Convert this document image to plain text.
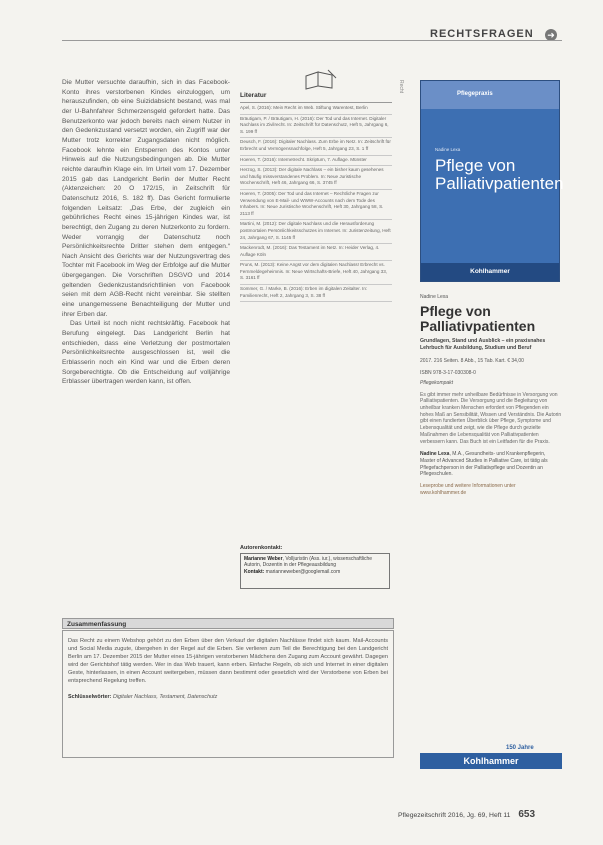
RECHTSFRAGEN ➜

Die Mutter versuchte daraufhin, sich in das Facebook-Konto ihres verstorbenen Kindes einzuloggen, um herauszufinden, ob eine Suizidabsicht bestand, was mal der U-Bahnfahrer Schmerzensgeld gefordert hatte. Das Benutzerkonto war jedoch bereits nach einem Nutzer in den Gedenkzustand versetzt worden, ein Zugriff war der Mutter trotz korrekter Zugangsdaten nicht möglich. Facebook lehnte ein Entsperren des Kontos unter Hinweis auf die Nutzungsbedingungen ab. Die Mutter reichte daraufhin Klage ein. Im Urteil vom 17. Dezember 2015 gab das Landgericht Berlin der Mutter Recht (Aktenzeichen: 20 O 172/15, in Zeitschrift für Datenschutz 2016, S. 182 ff). Das Gericht formulierte folgenden Leitsatz: „Das Erbe, der zugleich ein gebührliches Recht eines 15-jährigen Kindes war, ist berechtigt, den Zugang zu deren Nutzerkonto zu fordern. Weder vorrangig der Datenschutz noch Persönlichkeitsrechte Dritter stehen dem entgegen.“ Nach Ansicht des Gerichts war der Nutzungsvertrag des Tochter mit Facebook im Weg der Erbfolge auf die Mutter übergegangen. Die Vorschriften DSGVO und 2014 geltenden Gedenkzustandsrichtlinien von Facebook seien mit dem AGB-Recht nicht vereinbar. Sie stellten eine unangemessene Benachteiligung der Mutter und ihrer Erben dar.

Das Urteil ist noch nicht rechtskräftig. Facebook hat Berufung eingelegt. Das Landgericht Berlin hat entschieden, dass eine Verletzung der postmortalen Persönlichkeitsrechte ausgeschlossen ist, weil die Erblasserin noch ein Kind war und die Erben deren Sorgeberechtigte. Ob die Entscheidung auf volljährige Erblasser übertragen werden kann, ist offen.

Literatur
Apel, S. (2016): Mein Recht im Web. Stiftung Warentest, Berlin
Bräutigam, P. / Bräutigam, H. (2016): Der Tod und das Internet. Digitaler Nachlass im Zivilrecht. In: Zeitschrift für Datenschutz, Heft 5, Jahrgang 6, S. 199 ff
Deusch, F. (2016): Digitaler Nachlass. Zum Erbe im Netz. In: Zeitschrift für Erbrecht und Vermögensnachfolge, Heft 5, Jahrgang 23, S. 1 ff
Hoeren, T. (2016): Internetrecht. Skriptum, 7. Auflage. Münster
Herzog, S. (2013): Der digitale Nachlass – ein bisher kaum gesehenes und häufig missverstandenes Problem. In: Neue Juristische Wochenschrift, Heft 46, Jahrgang 66, S. 3745 ff
Hoeren, T. (2005): Der Tod und das Internet – Rechtliche Fragen zur Verwendung von E-Mail- und WWW-Accounts nach dem Tode des Inhabers. In: Neue Juristische Wochenschrift, Heft 30, Jahrgang 58, S. 2113 ff
Martini, M. (2012): Der digitale Nachlass und die Herausforderung postmortalen Persönlichkeitsschutzes im Internet. In: Juristenzeitung, Heft 24, Jahrgang 67, S. 1145 ff
Mackenrodt, M. (2016): Das Testament im Netz. In: Heider Verlag, 4. Auflage Köln
Pruns, M. (2013): Keine Angst vor dem digitalen Nachlass! Erbrecht vs. Fernmeldegeheimnis. In: Neue Wirtschafts-Briefe, Heft 40, Jahrgang 33, S. 3161 ff
Sommer, G. / Marke, B. (2016): Erben im digitalen Zeitalter. In: Familienrecht, Heft 2, Jahrgang 3, S. 38 ff
Recht
Autorenkontakt:
Marianne Weber, Volljuristin (Ass. iur.), wissenschaftliche Autorin, Dozentin in der Pflegeausbildung
Kontakt: marianneweber@googlemail.com
Pflegepraxis
Nadine Lexa
Pflege von Palliativpatienten
Kohlhammer
Nadine Lexa
Pflege von Palliativpatienten
Grundlagen, Stand und Ausblick – ein praxisnahes Lehrbuch für Ausbildung, Studium und Beruf
2017. 216 Seiten. 8 Abb., 15 Tab. Kart. € 34,00
ISBN 978-3-17-030308-0
Pflegekompakt
Es gibt immer mehr unheilbare Bedürfnisse in Versorgung von Palliativpatienten. Die Versorgung und die Begleitung von unheilbar kranken Menschen erfordert von Pflegenden ein hohes Maß an Sensibilität, Wissen und Verständnis. Die Autorin gibt einen fundierten Überblick über Pflege, Symptome und Lebensqualität und zeigt, wie die Pflege durch gezielte Maßnahmen die Lebensqualität von Palliativpatienten verbessern kann. Das Buch ist ein Leitfaden für die Praxis.
Nadine Lexa, M.A., Gesundheits- und Krankenpflegerin, Master of Advanced Studies in Palliative Care, ist tätig als Pflegefachperson in der Palliativpflege und Dozentin an Pflegeschulen.
Leseprobe und weitere Informationen unter
www.kohlhammer.de
150 Jahre
Kohlhammer
Zusammenfassung
Das Recht zu einem Webshop gehört zu den Erben über den Verkauf der digitalen Nachlässe findet sich kaum. Mail-Accounts und Social Media zugute, übergehen in der Regel auf die Erben. Sie verlieren zum Teil die Berechtigung bei den Landgericht Berlin am 17. Dezember 2015 der Mutter eines 15-jährigen verstorbenen Mädchens den Zugang zum Account gewährt. Dagegen wird der Gerichtshof tätig werden. Wer in das Web trauert, kann erben. Einfache Regeln, ob sich und Internet in einer digitalen Geste, hinterlassen, in einen Account weitergeben, müssen dann bestimmt oder gesetzlich wird der Verstorbene von Erben bei entsprechend Regelung treffen.
Schlüsselwörter: Digitaler Nachlass, Testament, Datenschutz
Pflegezeitschrift 2016, Jg. 69, Heft 11 653
